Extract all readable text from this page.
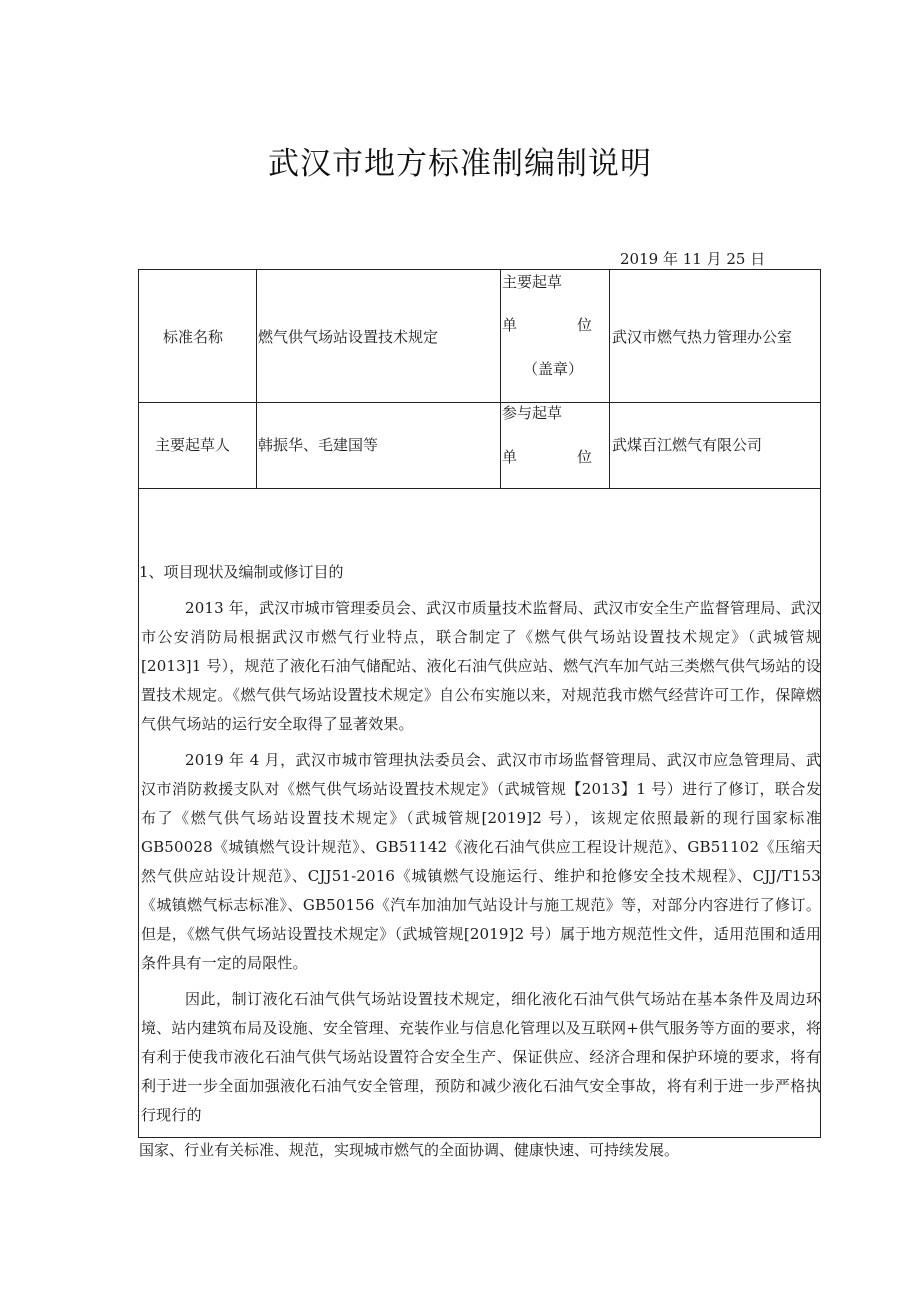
武汉市地方标准制编制说明
2019 年 11 月 25 日
标准名称 燃气供气场站设置技术规定
主要起草
单	位
（盖章）
武汉市燃气热力管理办公室
主要起草人 韩振华、毛建国等
参与起草
单	位
武煤百江燃气有限公司
1、项目现状及编制或修订目的
2013 年，武汉市城市管理委员会、武汉市质量技术监督局、武汉市安全生产监督管理局、武汉市公安消防局根据武汉市燃气行业特点，联合制定了《燃气供气场站设置技术规定》（武城管规[2013]1 号），规范了液化石油气储配站、液化石油气供应站、燃气汽车加气站三类燃气供气场站的设置技术规定。《燃气供气场站设置技术规定》自公布实施以来，对规范我市燃气经营许可工作，保障燃气供气场站的运行安全取得了显著效果。
2019 年 4 月，武汉市城市管理执法委员会、武汉市市场监督管理局、武汉市应急管理局、武汉市消防救援支队对《燃气供气场站设置技术规定》（武城管规【2013】1 号）进行了修订，联合发布了《燃气供气场站设置技术规定》（武城管规[2019]2 号），该规定依照最新的现行国家标准 GB50028《城镇燃气设计规范》、GB51142《液化石油气供应工程设计规范》、GB51102《压缩天然气供应站设计规范》、CJJ51-2016《城镇燃气设施运行、维护和抢修安全技术规程》、CJJ/T153《城镇燃气标志标准》、GB50156《汽车加油加气站设计与施工规范》等，对部分内容进行了修订。但是，《燃气供气场站设置技术规定》（武城管规[2019]2 号）属于地方规范性文件，适用范围和适用条件具有一定的局限性。
因此，制订液化石油气供气场站设置技术规定，细化液化石油气供气场站在基本条件及周边环境、站内建筑布局及设施、安全管理、充装作业与信息化管理以及互联网+供气服务等方面的要求，将有利于使我市液化石油气供气场站设置符合安全生产、保证供应、经济合理和保护环境的要求，将有利于进一步全面加强液化石油气安全管理，预防和减少液化石油气安全事故，将有利于进一步严格执行现行的
国家、行业有关标准、规范，实现城市燃气的全面协调、健康快速、可持续发展。
